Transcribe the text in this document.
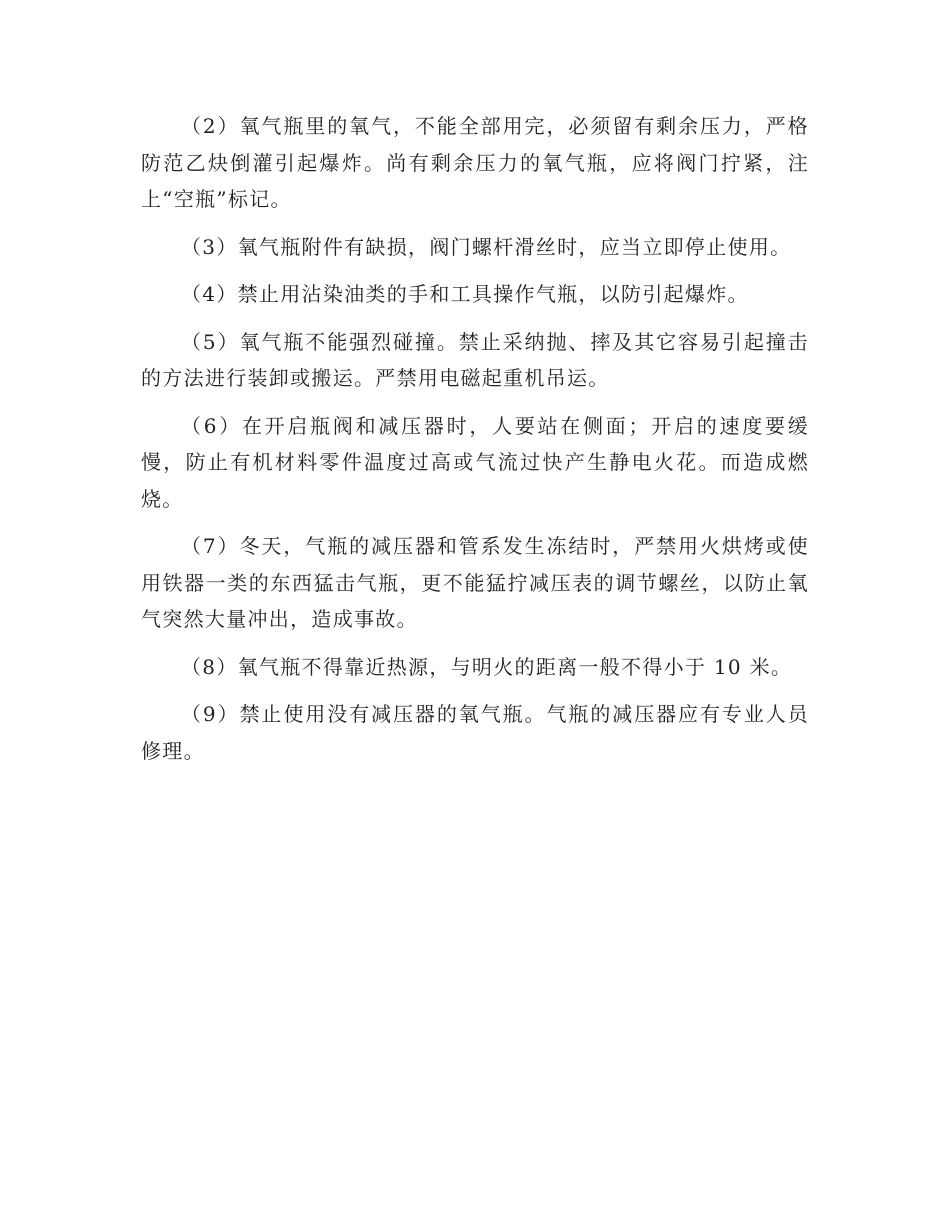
（2）氧气瓶里的氧气，不能全部用完，必须留有剩余压力，严格防范乙炔倒灌引起爆炸。尚有剩余压力的氧气瓶，应将阀门拧紧，注上“空瓶”标记。

（3）氧气瓶附件有缺损，阀门螺杆滑丝时，应当立即停止使用。

（4）禁止用沾染油类的手和工具操作气瓶，以防引起爆炸。

（5）氧气瓶不能强烈碰撞。禁止采纳抛、摔及其它容易引起撞击的方法进行装卸或搬运。严禁用电磁起重机吊运。

（6）在开启瓶阀和减压器时，人要站在侧面；开启的速度要缓慢，防止有机材料零件温度过高或气流过快产生静电火花。而造成燃烧。

（7）冬天，气瓶的减压器和管系发生冻结时，严禁用火烘烤或使用铁器一类的东西猛击气瓶，更不能猛拧减压表的调节螺丝，以防止氧气突然大量冲出，造成事故。

（8）氧气瓶不得靠近热源，与明火的距离一般不得小于 10 米。

（9）禁止使用没有减压器的氧气瓶。气瓶的减压器应有专业人员修理。
